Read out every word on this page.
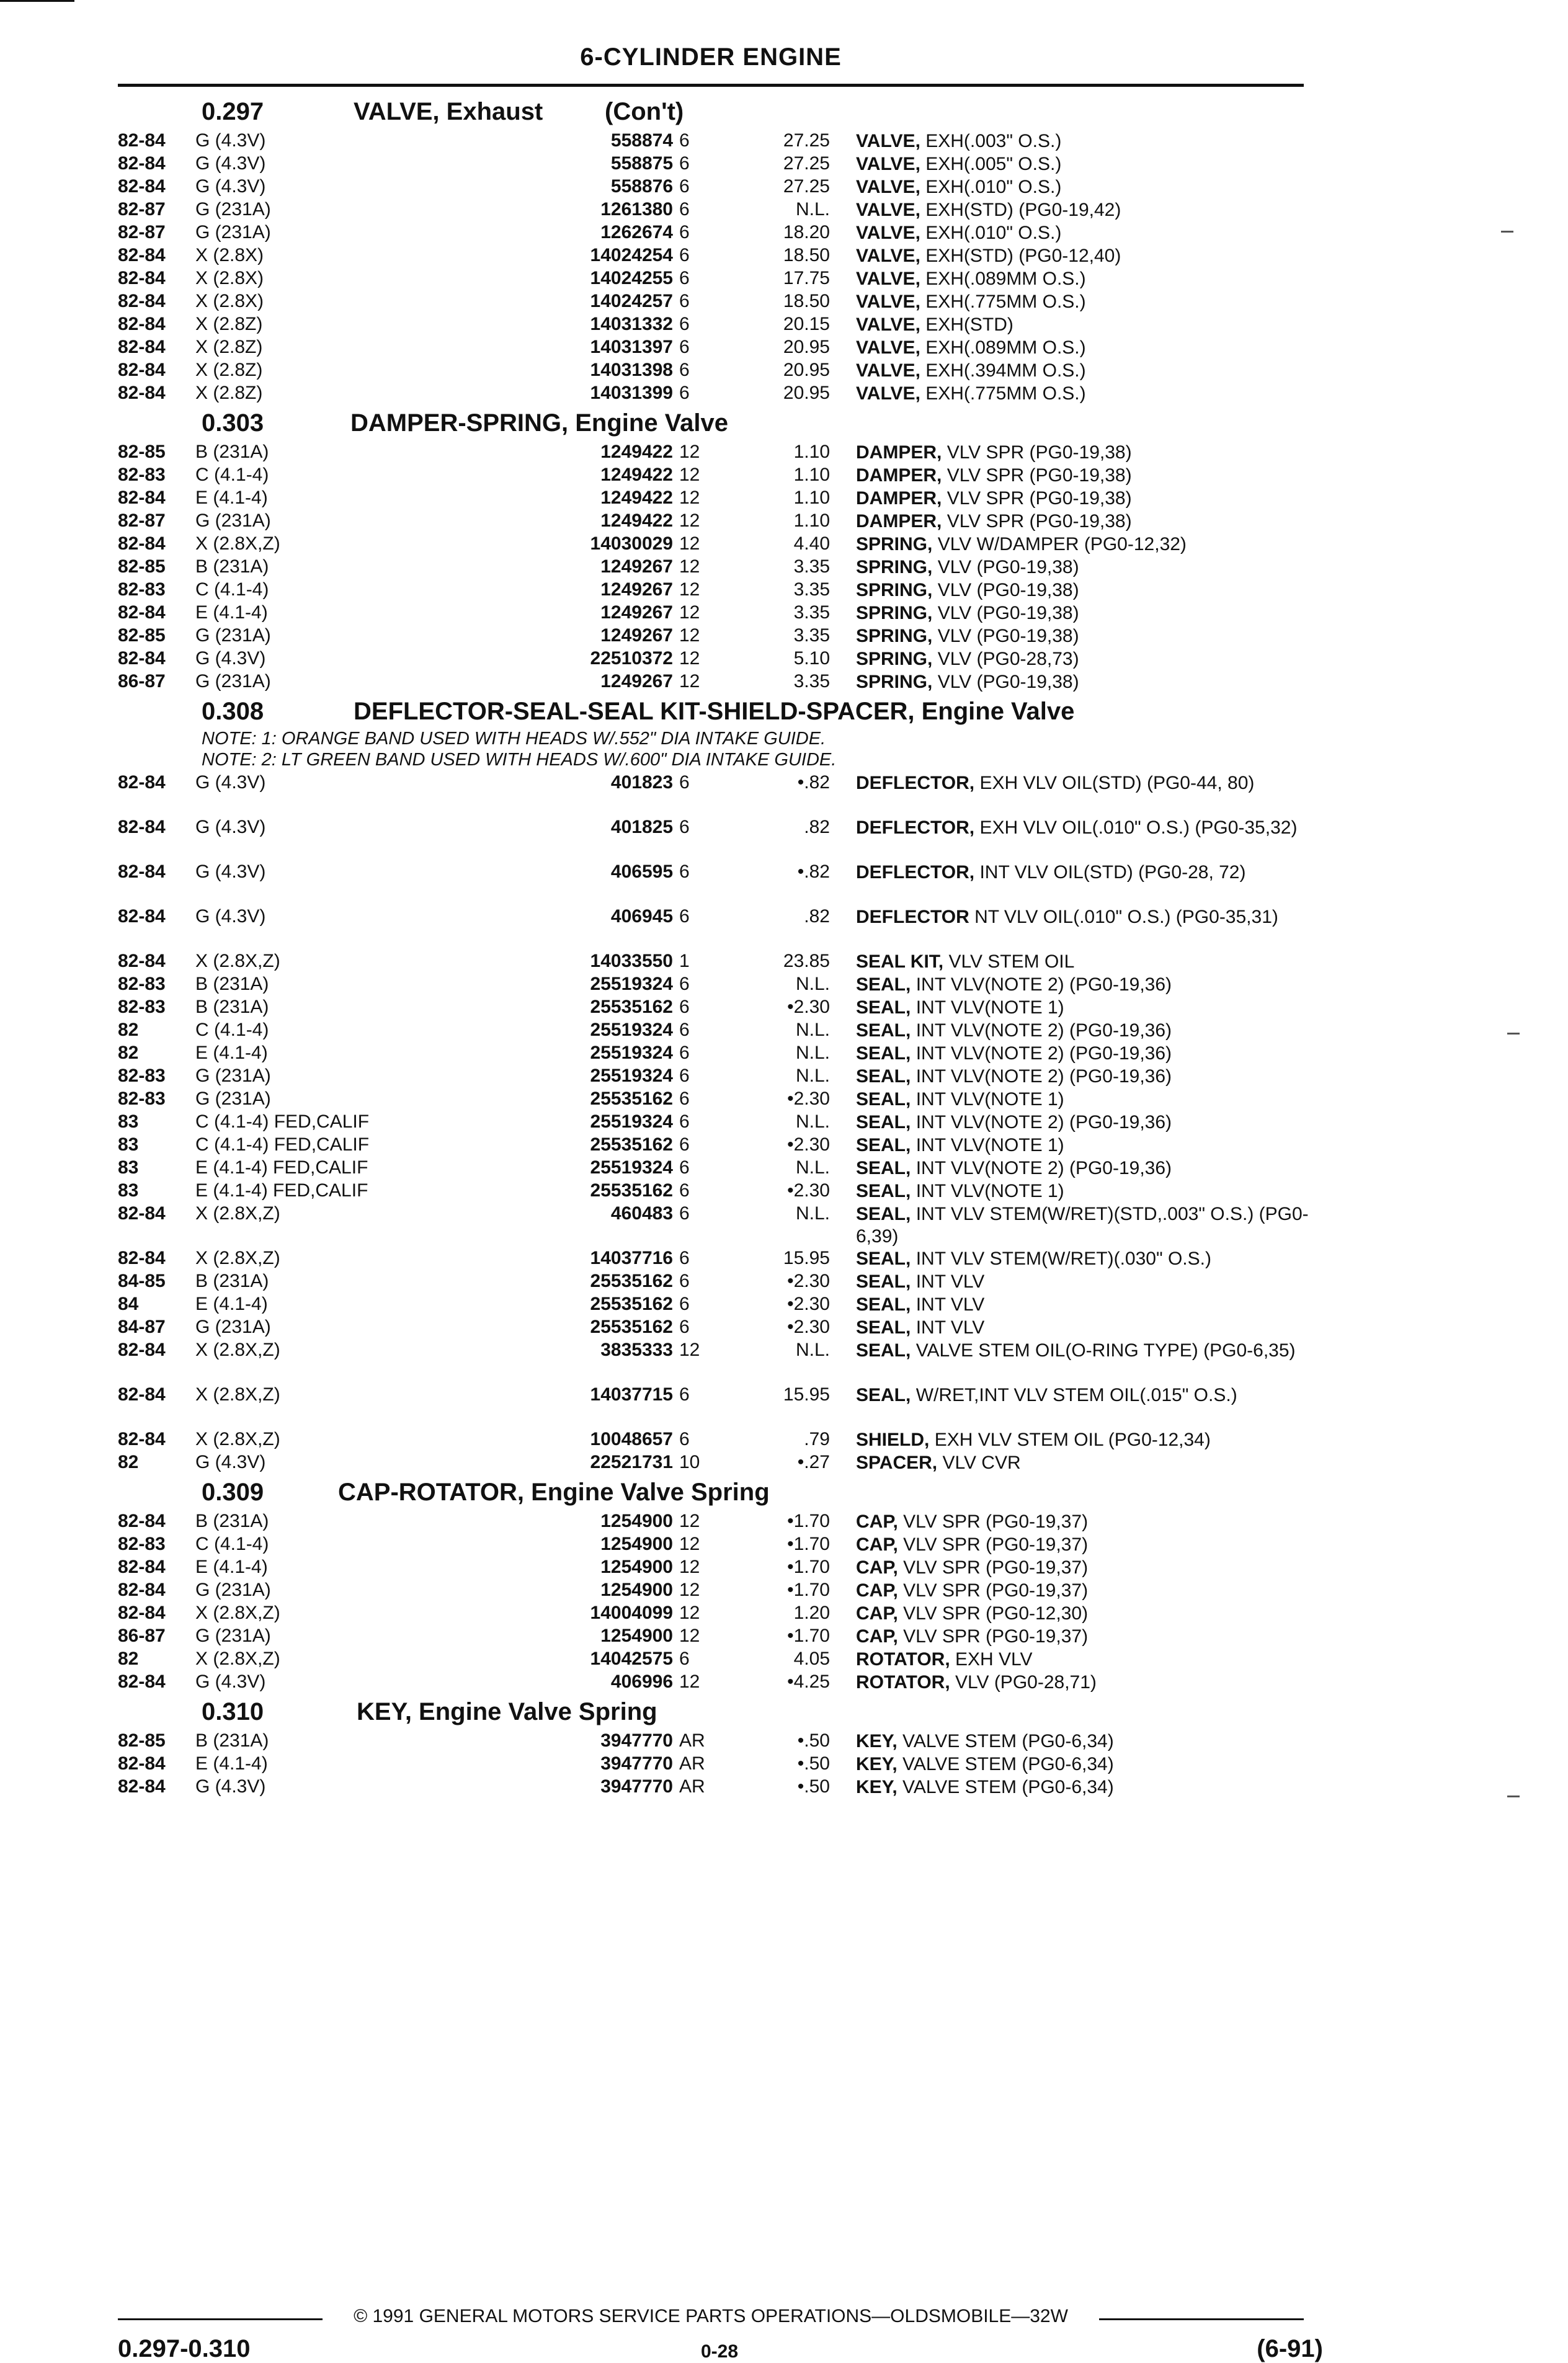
6-CYLINDER ENGINE
0.297	VALVE, Exhaust (Con't)
82-84 G (4.3V)	558874 6	27.25 VALVE, EXH(.003" O.S.)
82-84 G (4.3V)	558875 6	27.25 VALVE, EXH(.005" O.S.)
82-84 G (4.3V)	558876 6	27.25 VALVE, EXH(.010" O.S.)
82-87 G (231A)	1261380 6	N.L. VALVE, EXH(STD) (PG0-19,42)
82-87 G (231A)	1262674 6	18.20 VALVE, EXH(.010" O.S.)
82-84 X (2.8X)	14024254 6	18.50 VALVE, EXH(STD) (PG0-12,40)
82-84 X (2.8X)	14024255 6	17.75 VALVE, EXH(.089MM O.S.)
82-84 X (2.8X)	14024257 6	18.50 VALVE, EXH(.775MM O.S.)
82-84 X (2.8Z)	14031332 6	20.15 VALVE, EXH(STD)
82-84 X (2.8Z)	14031397 6	20.95 VALVE, EXH(.089MM O.S.)
82-84 X (2.8Z)	14031398 6	20.95 VALVE, EXH(.394MM O.S.)
82-84 X (2.8Z)	14031399 6	20.95 VALVE, EXH(.775MM O.S.)
0.303	DAMPER-SPRING, Engine Valve
82-85 B (231A)	1249422 12	1.10 DAMPER, VLV SPR (PG0-19,38)
82-83 C (4.1-4)	1249422 12	1.10 DAMPER, VLV SPR (PG0-19,38)
82-84 E (4.1-4)	1249422 12	1.10 DAMPER, VLV SPR (PG0-19,38)
82-87 G (231A)	1249422 12	1.10 DAMPER, VLV SPR (PG0-19,38)
82-84 X (2.8X,Z)	14030029 12	4.40 SPRING, VLV W/DAMPER (PG0-12,32)
82-85 B (231A)	1249267 12	3.35 SPRING, VLV (PG0-19,38)
82-83 C (4.1-4)	1249267 12	3.35 SPRING, VLV (PG0-19,38)
82-84 E (4.1-4)	1249267 12	3.35 SPRING, VLV (PG0-19,38)
82-85 G (231A)	1249267 12	3.35 SPRING, VLV (PG0-19,38)
82-84 G (4.3V)	22510372 12	5.10 SPRING, VLV (PG0-28,73)
86-87 G (231A)	1249267 12	3.35 SPRING, VLV (PG0-19,38)
0.308	DEFLECTOR-SEAL-SEAL KIT-SHIELD-SPACER, Engine Valve
NOTE: 1: ORANGE BAND USED WITH HEADS W/.552" DIA INTAKE GUIDE.
NOTE: 2: LT GREEN BAND USED WITH HEADS W/.600" DIA INTAKE GUIDE.
82-84 G (4.3V)	401823 6	•.82 DEFLECTOR, EXH VLV OIL(STD) (PG0-44, 80)
82-84 G (4.3V)	401825 6	.82 DEFLECTOR, EXH VLV OIL(.010" O.S.) (PG0-35,32)
82-84 G (4.3V)	406595 6	•.82 DEFLECTOR, INT VLV OIL(STD) (PG0-28, 72)
82-84 G (4.3V)	406945 6	.82 DEFLECTOR NT VLV OIL(.010" O.S.) (PG0-35,31)
82-84 X (2.8X,Z)	14033550 1	23.85 SEAL KIT, VLV STEM OIL
82-83 B (231A)	25519324 6	N.L. SEAL, INT VLV(NOTE 2) (PG0-19,36)
82-83 B (231A)	25535162 6	•2.30 SEAL, INT VLV(NOTE 1)
82	C (4.1-4)	25519324 6	N.L. SEAL, INT VLV(NOTE 2) (PG0-19,36)
82	E (4.1-4)	25519324 6	N.L. SEAL, INT VLV(NOTE 2) (PG0-19,36)
82-83 G (231A)	25519324 6	N.L. SEAL, INT VLV(NOTE 2) (PG0-19,36)
82-83 G (231A)	25535162 6	•2.30 SEAL, INT VLV(NOTE 1)
83	C (4.1-4) FED,CALIF	25519324 6	N.L. SEAL, INT VLV(NOTE 2) (PG0-19,36)
83	C (4.1-4) FED,CALIF	25535162 6	•2.30 SEAL, INT VLV(NOTE 1)
83	E (4.1-4) FED,CALIF	25519324 6	N.L. SEAL, INT VLV(NOTE 2) (PG0-19,36)
83	E (4.1-4) FED,CALIF	25535162 6	•2.30 SEAL, INT VLV(NOTE 1)
82-84 X (2.8X,Z)	460483 6	N.L. SEAL, INT VLV STEM(W/RET)(STD,.003" O.S.) (PG0-6,39)
82-84 X (2.8X,Z)	14037716 6	15.95 SEAL, INT VLV STEM(W/RET)(.030" O.S.)
84-85 B (231A)	25535162 6	•2.30 SEAL, INT VLV
84	E (4.1-4)	25535162 6	•2.30 SEAL, INT VLV
84-87 G (231A)	25535162 6	•2.30 SEAL, INT VLV
82-84 X (2.8X,Z)	3835333 12	N.L. SEAL, VALVE STEM OIL(O-RING TYPE) (PG0-6,35)
82-84 X (2.8X,Z)	14037715 6	15.95 SEAL, W/RET,INT VLV STEM OIL(.015" O.S.)
82-84 X (2.8X,Z)	10048657 6	.79 SHIELD, EXH VLV STEM OIL (PG0-12,34)
82	G (4.3V)	22521731 10	•.27 SPACER, VLV CVR
0.309	CAP-ROTATOR, Engine Valve Spring
82-84 B (231A)	1254900 12	•1.70 CAP, VLV SPR (PG0-19,37)
82-83 C (4.1-4)	1254900 12	•1.70 CAP, VLV SPR (PG0-19,37)
82-84 E (4.1-4)	1254900 12	•1.70 CAP, VLV SPR (PG0-19,37)
82-84 G (231A)	1254900 12	•1.70 CAP, VLV SPR (PG0-19,37)
82-84 X (2.8X,Z)	14004099 12	1.20 CAP, VLV SPR (PG0-12,30)
86-87 G (231A)	1254900 12	•1.70 CAP, VLV SPR (PG0-19,37)
82	X (2.8X,Z)	14042575 6	4.05 ROTATOR, EXH VLV
82-84 G (4.3V)	406996 12	•4.25 ROTATOR, VLV (PG0-28,71)
0.310	KEY, Engine Valve Spring
82-85 B (231A)	3947770 AR	•.50 KEY, VALVE STEM (PG0-6,34)
82-84 E (4.1-4)	3947770 AR	•.50 KEY, VALVE STEM (PG0-6,34)
82-84 G (4.3V)	3947770 AR	•.50 KEY, VALVE STEM (PG0-6,34)
© 1991 GENERAL MOTORS SERVICE PARTS OPERATIONS—OLDSMOBILE—32W
0.297-0.310	0-28	(6-91)
